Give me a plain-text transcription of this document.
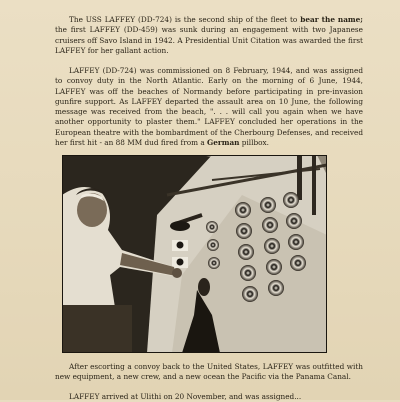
The USS LAFFEY (DD-724) is the second ship of the fleet to bear the name; the first LAFFEY (DD-459) was sunk during an engagement with two Japanese cruisers off Savo Island in 1942. A Presidential Unit Citation was awarded the first LAFFEY for her gallant action.

LAFFEY (DD-724) was commissioned on 8 February, 1944, and was assigned to convoy duty in the North Atlantic. Early on the morning of 6 June, 1944, LAFFEY was off the beaches of Normandy before participating in pre-invasion gunfire support. As LAFFEY departed the assault area on 10 June, the following message was received from the beach, ". . . will call you again when we have another opportunity to plaster them." LAFFEY concluded her operations in the European theatre with the bombardment of the Cherbourg Defenses, and received her first hit - an 88 MM dud fired from a German pillbox.

After escorting a convoy back to the United States, LAFFEY was outfitted with new equipment, a new crew, and a new ocean the Pacific via the Panama Canal.

LAFFEY arrived at Ulithi on 20 November, and was assigned...
